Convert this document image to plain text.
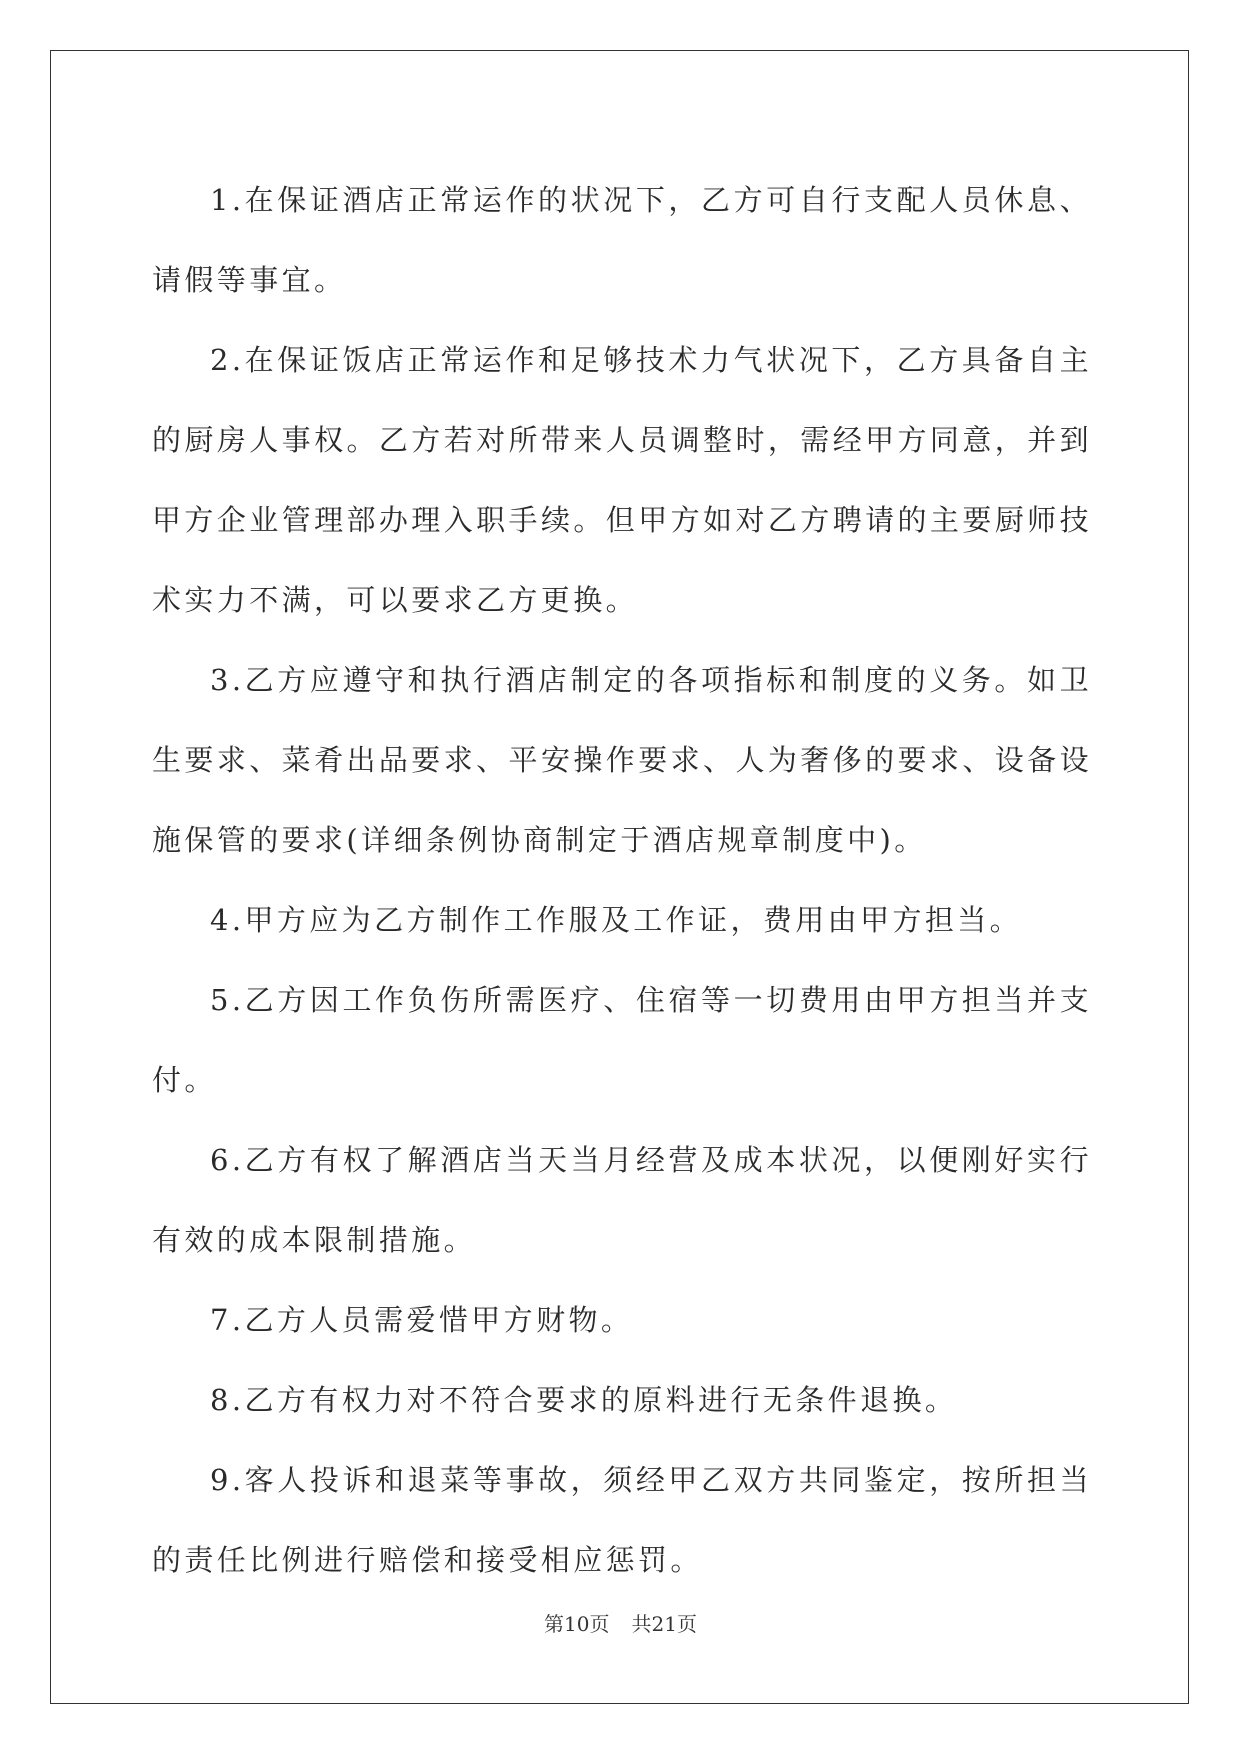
1.在保证酒店正常运作的状况下，乙方可自行支配人员休息、请假等事宜。

2.在保证饭店正常运作和足够技术力气状况下，乙方具备自主的厨房人事权。乙方若对所带来人员调整时，需经甲方同意，并到甲方企业管理部办理入职手续。但甲方如对乙方聘请的主要厨师技术实力不满，可以要求乙方更换。

3.乙方应遵守和执行酒店制定的各项指标和制度的义务。如卫生要求、菜肴出品要求、平安操作要求、人为奢侈的要求、设备设施保管的要求(详细条例协商制定于酒店规章制度中)。

4.甲方应为乙方制作工作服及工作证，费用由甲方担当。

5.乙方因工作负伤所需医疗、住宿等一切费用由甲方担当并支付。

6.乙方有权了解酒店当天当月经营及成本状况，以便刚好实行有效的成本限制措施。

7.乙方人员需爱惜甲方财物。

8.乙方有权力对不符合要求的原料进行无条件退换。

9.客人投诉和退菜等事故，须经甲乙双方共同鉴定，按所担当的责任比例进行赔偿和接受相应惩罚。

第10页 共21页
